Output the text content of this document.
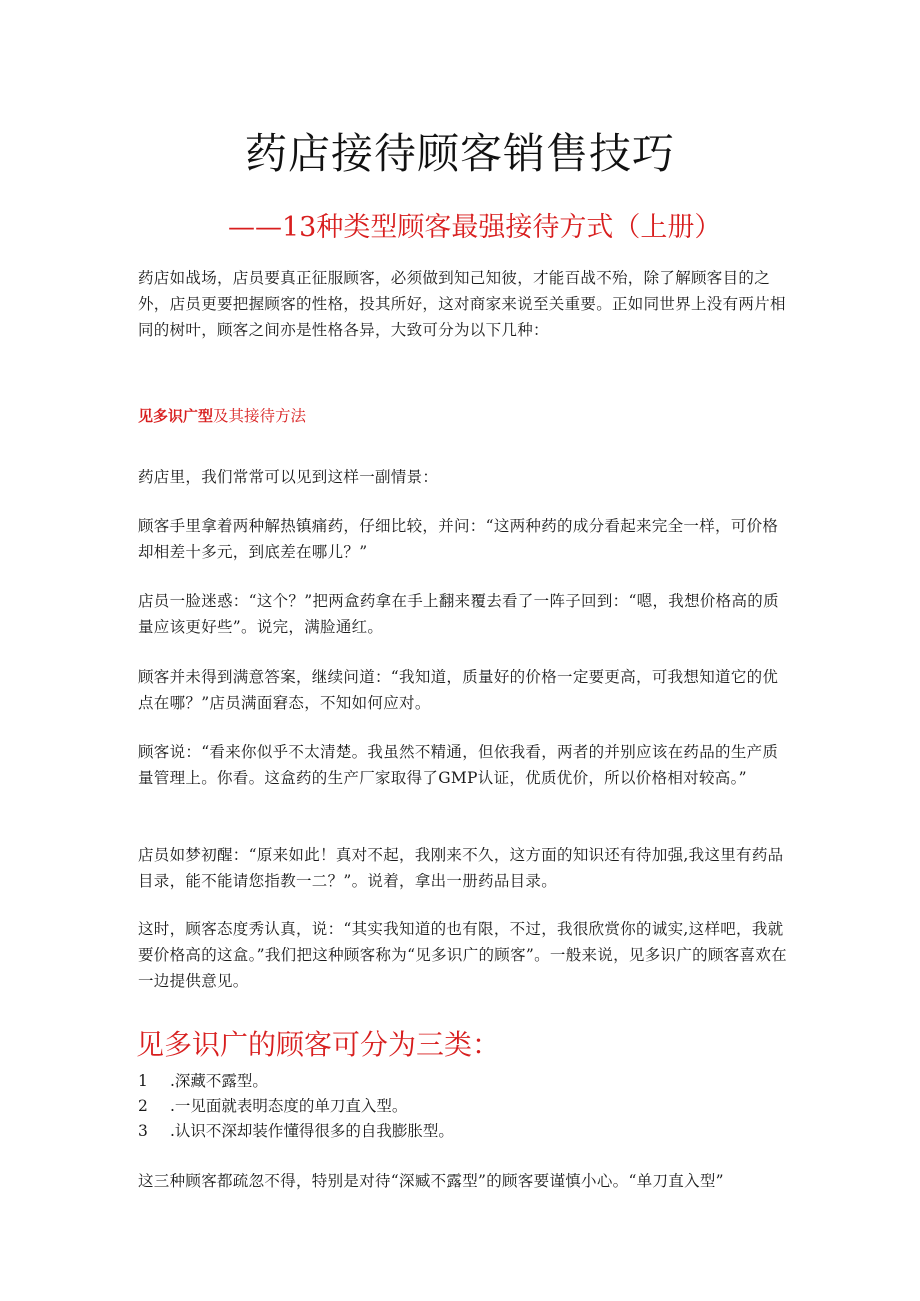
药店接待顾客销售技巧
——13种类型顾客最强接待方式（上册）
药店如战场，店员要真正征服顾客，必须做到知己知彼，才能百战不殆，除了解顾客目的之外，店员更要把握顾客的性格，投其所好，这对商家来说至关重要。正如同世界上没有两片相同的树叶，顾客之间亦是性格各异，大致可分为以下几种：
见多识广型及其接待方法
药店里，我们常常可以见到这样一副情景：
顾客手里拿着两种解热镇痛药，仔细比较，并问：“这两种药的成分看起来完全一样，可价格却相差十多元，到底差在哪儿？”
店员一脸迷惑：“这个？”把两盒药拿在手上翻来覆去看了一阵子回到：“嗯，我想价格高的质量应该更好些”。说完，满脸通红。
顾客并未得到满意答案，继续问道：“我知道，质量好的价格一定要更高，可我想知道它的优点在哪？”店员满面窘态，不知如何应对。
顾客说：“看来你似乎不太清楚。我虽然不精通，但依我看，两者的并别应该在药品的生产质量管理上。你看。这盒药的生产厂家取得了GMP认证，优质优价，所以价格相对较高。”
店员如梦初醒：“原来如此！真对不起，我刚来不久，这方面的知识还有待加强,我这里有药品目录，能不能请您指教一二？”。说着，拿出一册药品目录。
这时，顾客态度秀认真，说：“其实我知道的也有限，不过，我很欣赏你的诚实,这样吧，我就要价格高的这盒。”我们把这种顾客称为“见多识广的顾客”。一般来说，见多识广的顾客喜欢在一边提供意见。
见多识广的顾客可分为三类：
1 .深藏不露型。
2 .一见面就表明态度的单刀直入型。
3 .认识不深却装作懂得很多的自我膨胀型。
这三种顾客都疏忽不得，特别是对待“深臧不露型”的顾客要谨慎小心。“单刀直入型”
